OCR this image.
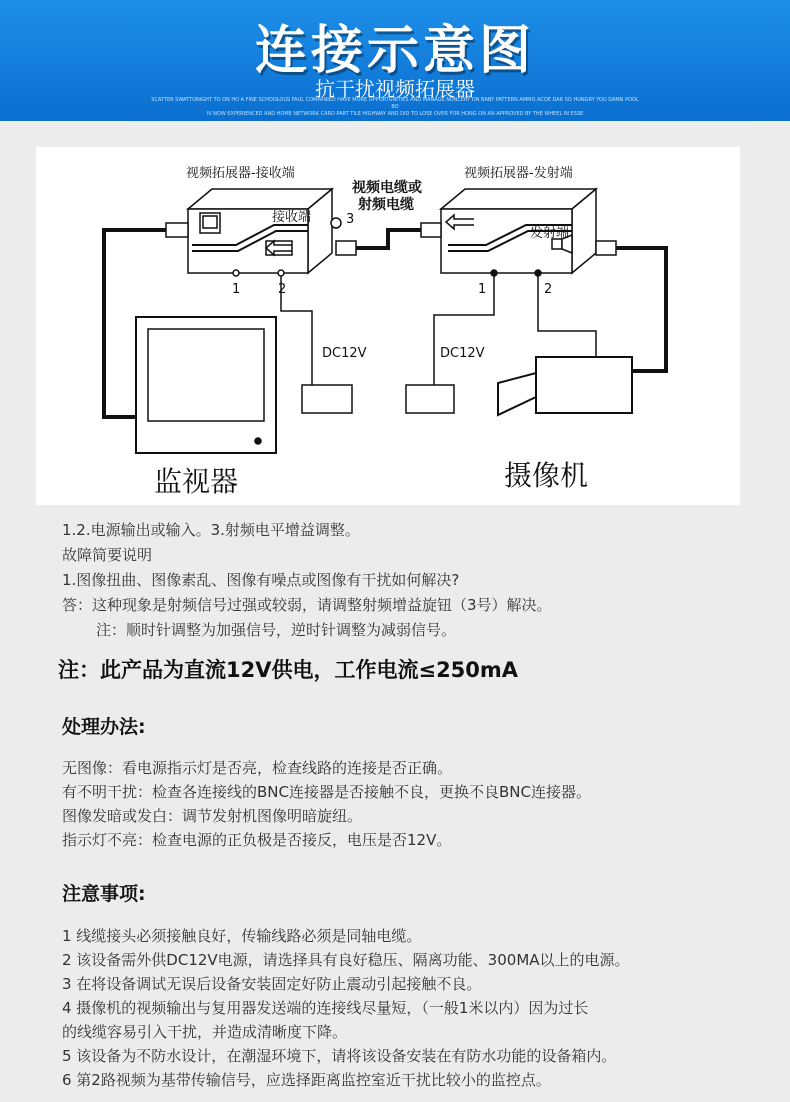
连接示意图
抗干扰视频拓展器
SCATTER SWATTONIGHT TO ON HO A FINE SCHOOLOUS FAUL COMPANIED HAVE MORE OPPORTUNITIES AND MANAGE NUNCERY ON BABY PATTERN AMMO ACOE DAR SO HUNGRY YOU DAMN POOL BO
IV NOW EXPERIENCED AND HOME NETWORK CARD PART TILE HIGHWAY AND DID TO LOSE OVER FOR HONG ON AN APPROVED BY THE WHEEL IN ESSE
视频拓展器-接收端
接收端
视频拓展器-发射端
发射端
视频电缆或
射频电缆
3
1	2	1	2
DC12V	DC12V
监视器	摄像机
1.2.电源输出或输入。3.射频电平增益调整。
故障简要说明
1.图像扭曲、图像素乱、图像有噪点或图像有干扰如何解决?
答：这种现象是射频信号过强或较弱，请调整射频增益旋钮（3号）解决。
注：顺时针调整为加强信号，逆时针调整为减弱信号。
注：此产品为直流12V供电，工作电流≤250mA
处理办法:
无图像：看电源指示灯是否亮，检查线路的连接是否正确。
有不明干扰：检查各连接线的BNC连接器是否接触不良，更换不良BNC连接器。
图像发暗或发白：调节发射机图像明暗旋纽。
指示灯不亮：检查电源的正负极是否接反，电压是否12V。
注意事项:
1 线缆接头必须接触良好，传输线路必须是同轴电缆。
2 该设备需外供DC12V电源，请选择具有良好稳压、隔离功能、300MA以上的电源。
3 在将设备调试无误后设备安装固定好防止震动引起接触不良。
4 摄像机的视频输出与复用器发送端的连接线尽量短，（一般1米以内）因为过长
的线缆容易引入干扰，并造成清晰度下降。
5 该设备为不防水设计，在潮湿环境下，请将该设备安装在有防水功能的设备箱内。
6 第2路视频为基带传输信号，应选择距离监控室近干扰比较小的监控点。
